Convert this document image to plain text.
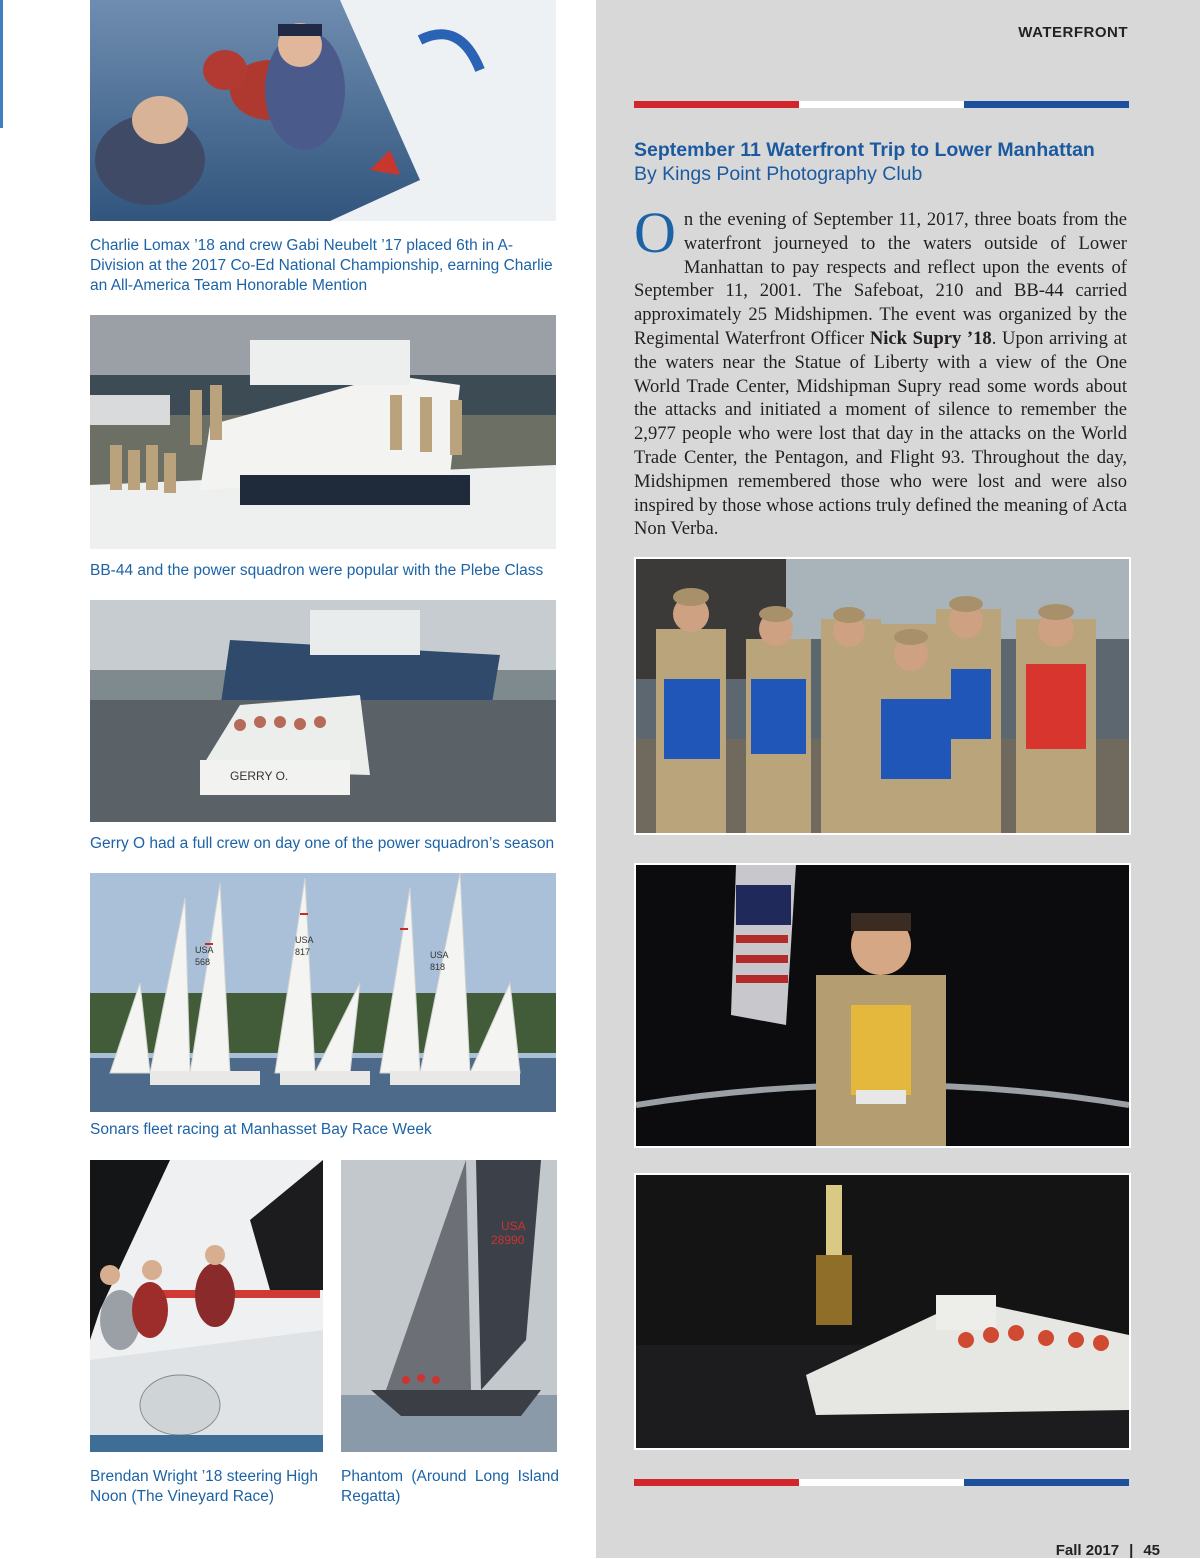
Charlie Lomax ’18 and crew Gabi Neubelt ’17 placed 6th in A-Division at the 2017 Co-Ed National Championship, earning Charlie an All-America Team Honorable Mention

BB-44 and the power squadron were popular with the Plebe Class

GERRY O.

Gerry O had a full crew on day one of the power squadron’s season

USA
568
USA
817	USA
818

Sonars fleet racing at Manhasset Bay Race Week

Brendan Wright ’18 steering High Noon (The Vineyard Race)

USA
28990

Phantom (Around Long Island Regatta)

WATERFRONT
September 11 Waterfront Trip to Lower Manhattan
By Kings Point Photography Club

On the evening of September 11, 2017, three boats from the waterfront journeyed to the waters outside of Lower Manhattan to pay respects and reflect upon the events of September 11, 2001. The Safeboat, 210 and BB-44 carried approximately 25 Midshipmen. The event was organized by the Regimental Waterfront Officer Nick Supry ’18. Upon arriving at the waters near the Statue of Liberty with a view of the One World Trade Center, Midshipman Supry read some words about the attacks and initiated a moment of silence to remember the 2,977 people who were lost that day in the attacks on the World Trade Center, the Pentagon, and Flight 93. Throughout the day, Midshipmen remembered those who were lost and were also inspired by those whose actions truly defined the meaning of Acta Non Verba.

Fall 2017 | 45
